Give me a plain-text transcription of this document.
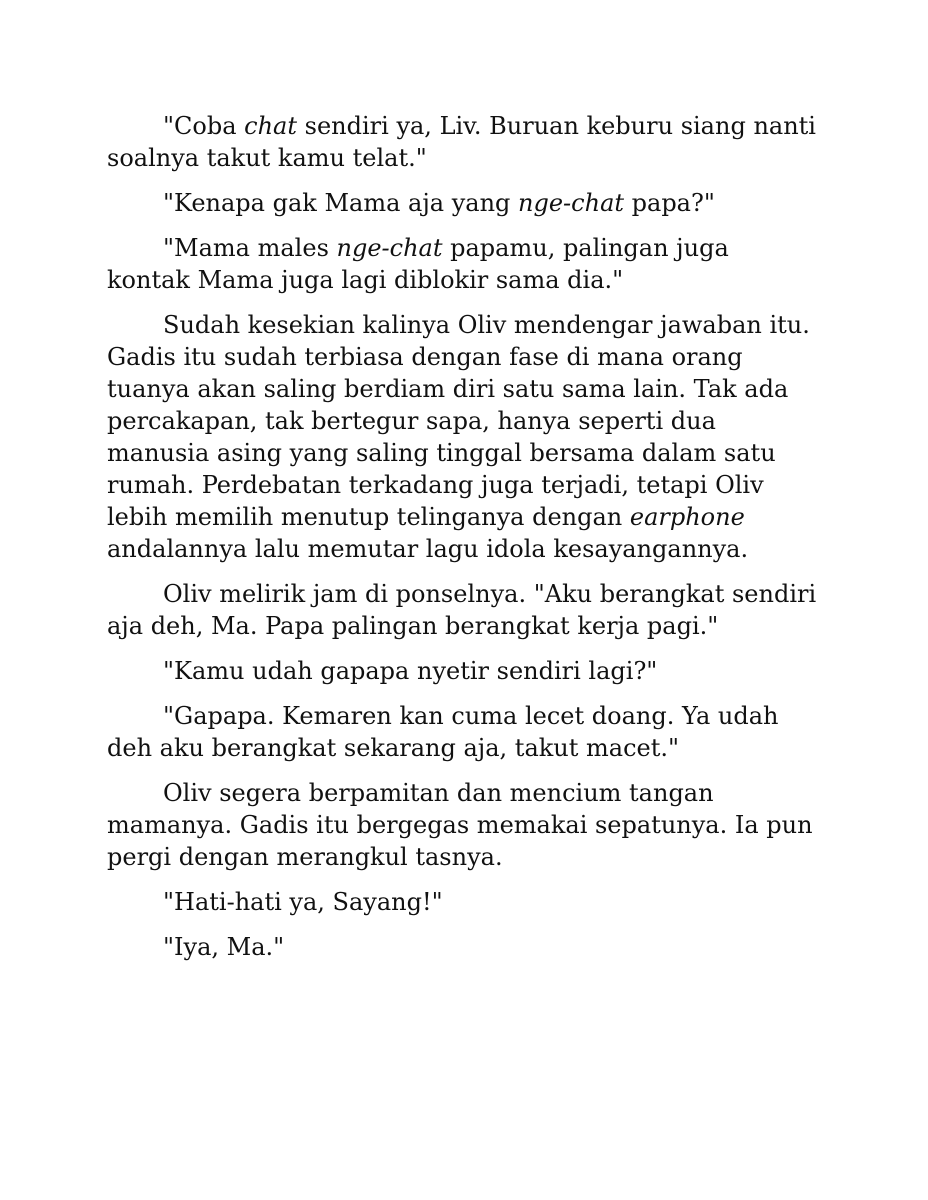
"Coba chat sendiri ya, Liv. Buruan keburu siang nanti soalnya takut kamu telat."

"Kenapa gak Mama aja yang nge-chat papa?"

"Mama males nge-chat papamu, palingan juga kontak Mama juga lagi diblokir sama dia."

Sudah kesekian kalinya Oliv mendengar jawaban itu. Gadis itu sudah terbiasa dengan fase di mana orang tuanya akan saling berdiam diri satu sama lain. Tak ada percakapan, tak bertegur sapa, hanya seperti dua manusia asing yang saling tinggal bersama dalam satu rumah. Perdebatan terkadang juga terjadi, tetapi Oliv lebih memilih menutup telinganya dengan earphone andalannya lalu memutar lagu idola kesayangannya.

Oliv melirik jam di ponselnya. "Aku berangkat sendiri aja deh, Ma. Papa palingan berangkat kerja pagi."

"Kamu udah gapapa nyetir sendiri lagi?"

"Gapapa. Kemaren kan cuma lecet doang. Ya udah deh aku berangkat sekarang aja, takut macet."

Oliv segera berpamitan dan mencium tangan mamanya. Gadis itu bergegas memakai sepatunya. Ia pun pergi dengan merangkul tasnya.

"Hati-hati ya, Sayang!"

"Iya, Ma."
